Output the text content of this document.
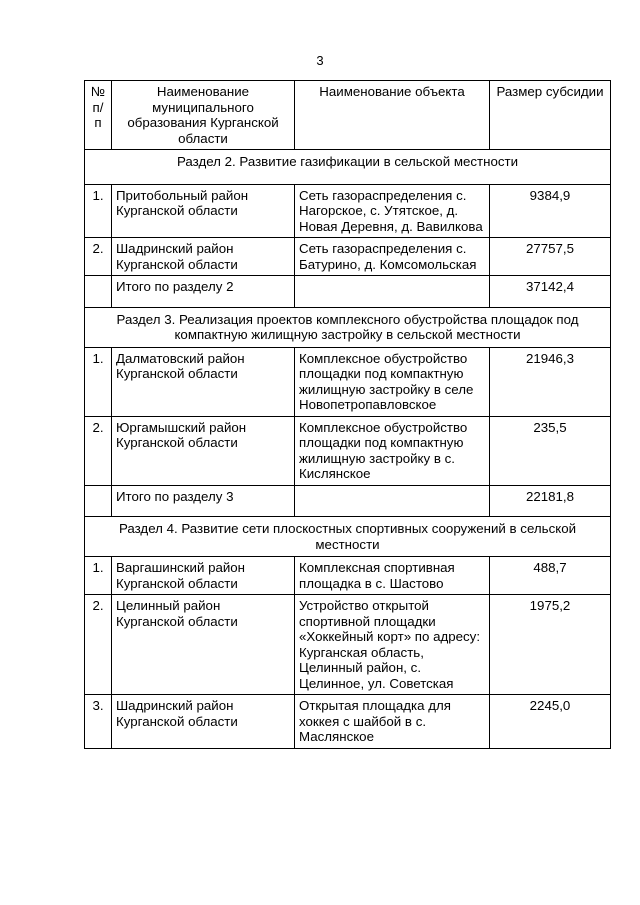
3
№
п/п	Наименование муниципального образования Курганской области	Наименование объекта	Размер субсидии
Раздел 2. Развитие газификации в сельской местности			
1.	Притобольный район Курганской области	Сеть газораспределения с. Нагорское, с. Утятское, д. Новая Деревня, д. Вавилкова	9384,9
2.	Шадринский район Курганской области	Сеть газораспределения с. Батурино, д. Комсомольская	27757,5
	Итого по разделу 2		37142,4
Раздел 3. Реализация проектов комплексного обустройства площадок под компактную жилищную застройку в сельской местности			
1.	Далматовский район Курганской области	Комплексное обустройство площадки под компактную жилищную застройку в селе Новопетропавловское	21946,3
2.	Юргамышский район Курганской области	Комплексное обустройство площадки под компактную жилищную застройку в с. Кислянское	235,5
	Итого по разделу 3		22181,8
Раздел 4. Развитие сети плоскостных спортивных сооружений в сельской местности			
1.	Варгашинский район Курганской области	Комплексная спортивная площадка в с. Шастово	488,7
2.	Целинный район Курганской области	Устройство открытой спортивной площадки «Хоккейный корт» по адресу: Курганская область, Целинный район, с. Целинное, ул. Советская	1975,2
3.	Шадринский район Курганской области	Открытая площадка для хоккея с шайбой в с. Маслянское	2245,0
